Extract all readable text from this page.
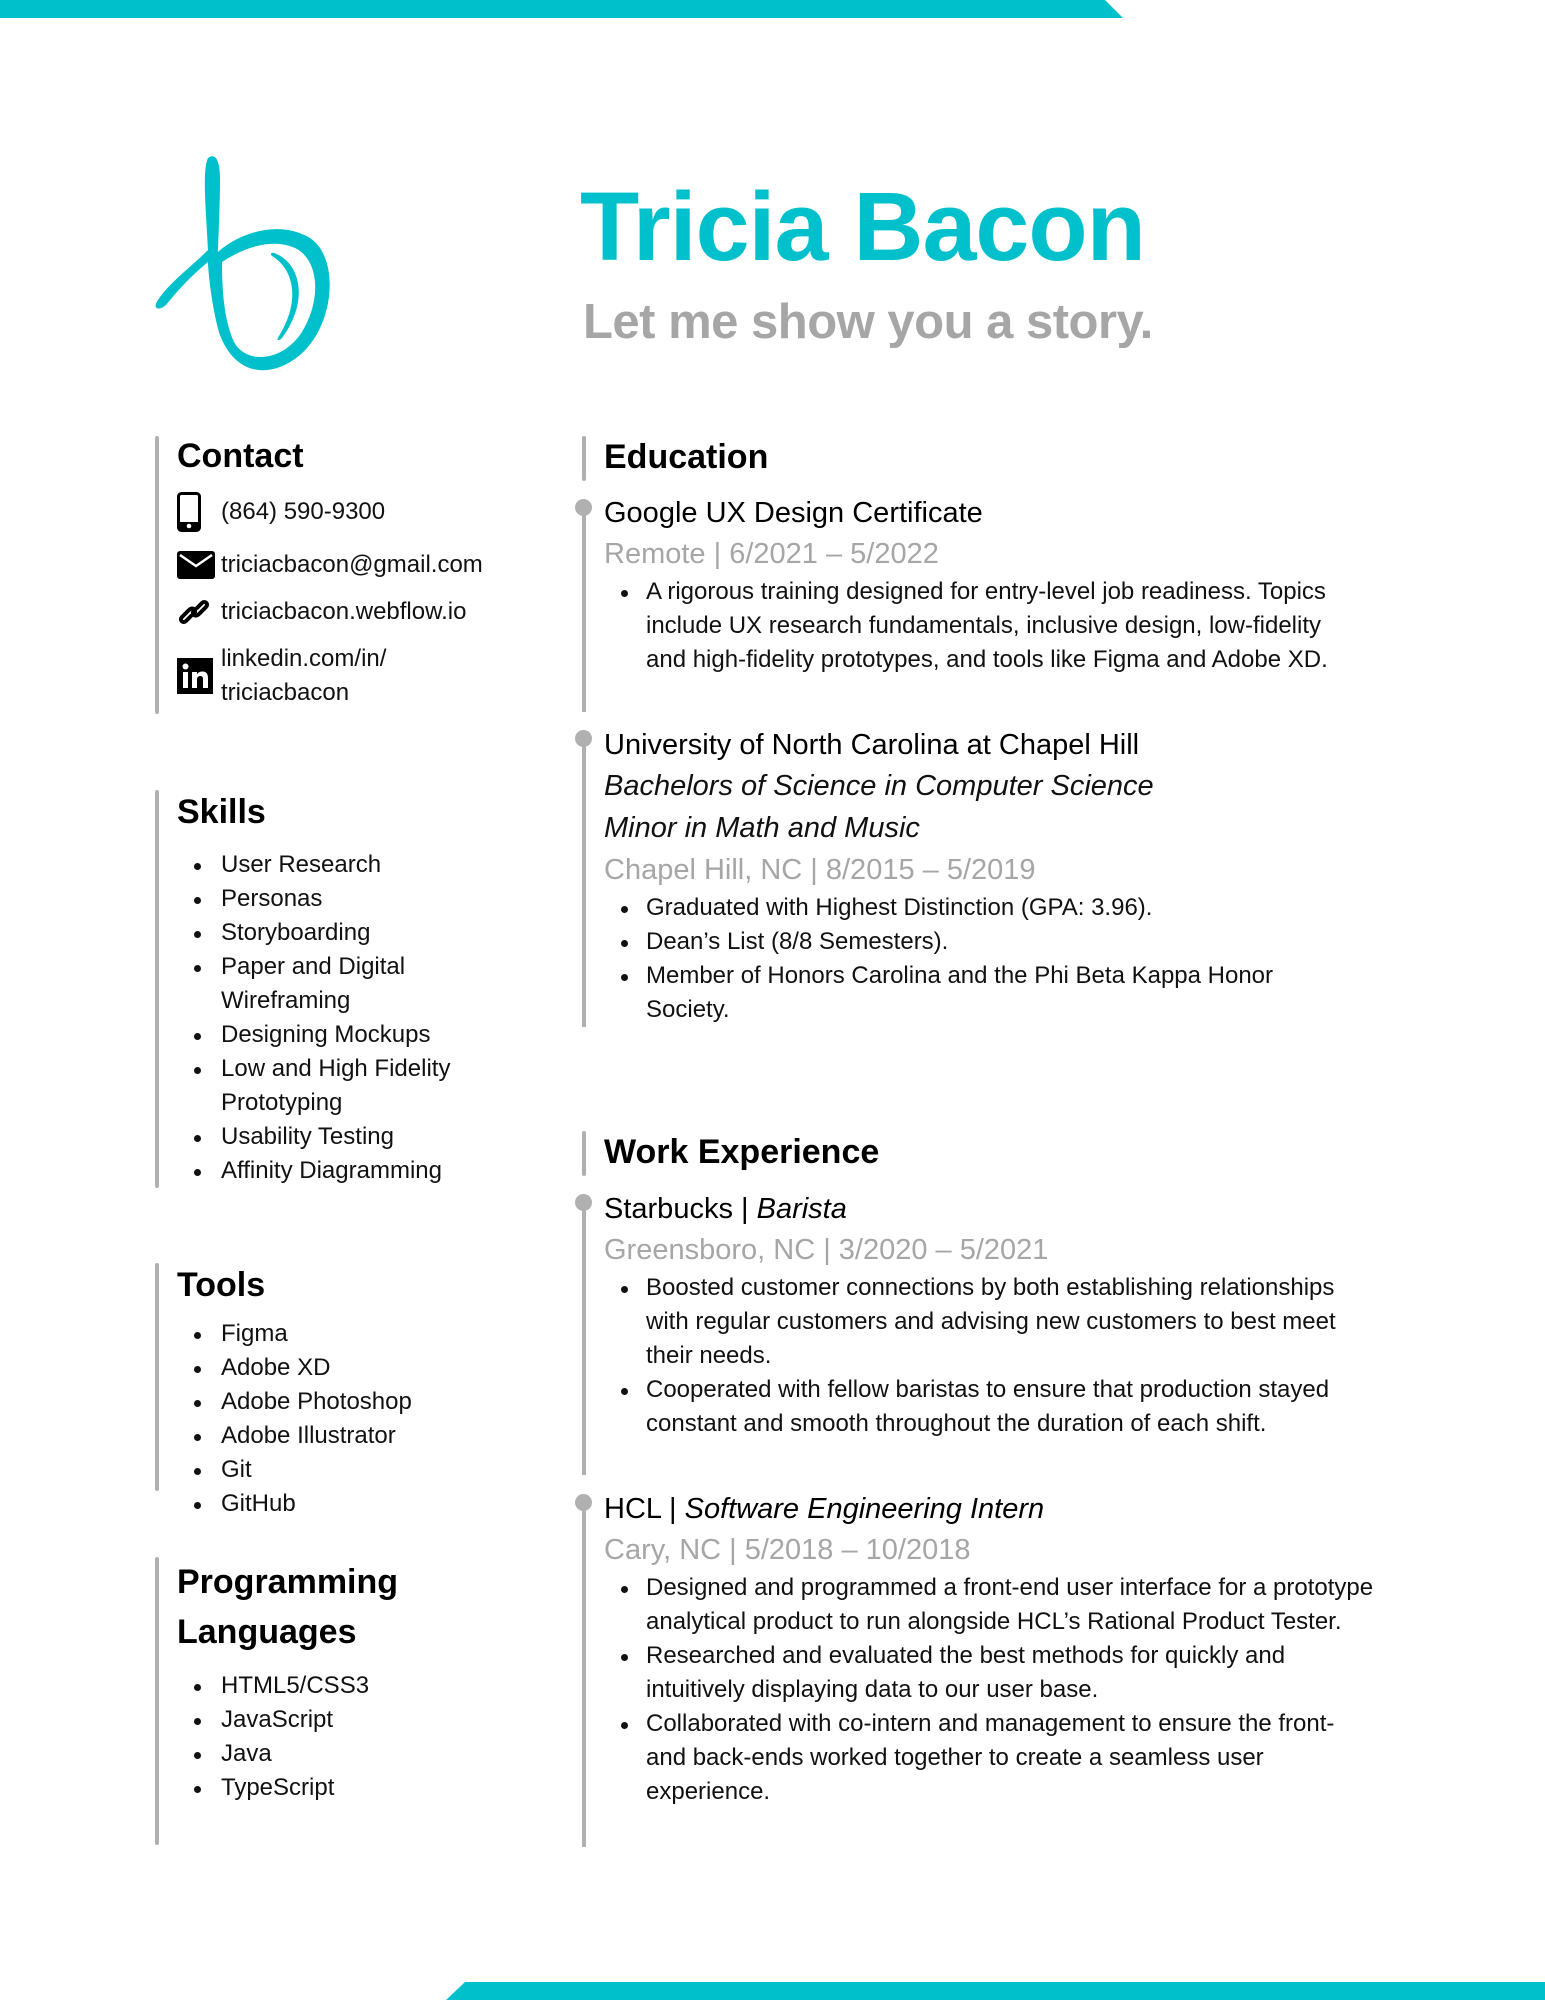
Tricia Bacon

Let me show you a story.

Contact
(864) 590-9300
triciacbacon@gmail.com
triciacbacon.webflow.io
linkedin.com/in/
triciacbacon
Skills
User Research
Personas
Storyboarding
Paper and Digital Wireframing
Designing Mockups
Low and High Fidelity Prototyping
Usability Testing
Affinity Diagramming
Tools
Figma
Adobe XD
Adobe Photoshop
Adobe Illustrator
Git
GitHub
Programming
Languages
HTML5/CSS3
JavaScript
Java
TypeScript
Education
Google UX Design Certificate
Remote | 6/2021 – 5/2022
A rigorous training designed for entry-level job readiness. Topics include UX research fundamentals, inclusive design, low-fidelity and high-fidelity prototypes, and tools like Figma and Adobe XD.
University of North Carolina at Chapel Hill
Bachelors of Science in Computer Science
Minor in Math and Music
Chapel Hill, NC | 8/2015 – 5/2019
Graduated with Highest Distinction (GPA: 3.96).
Dean’s List (8/8 Semesters).
Member of Honors Carolina and the Phi Beta Kappa Honor Society.
Work Experience
Starbucks | Barista
Greensboro, NC | 3/2020 – 5/2021
Boosted customer connections by both establishing relationships with regular customers and advising new customers to best meet their needs.
Cooperated with fellow baristas to ensure that production stayed constant and smooth throughout the duration of each shift.
HCL | Software Engineering Intern
Cary, NC | 5/2018 – 10/2018
Designed and programmed a front-end user interface for a prototype analytical product to run alongside HCL’s Rational Product Tester.
Researched and evaluated the best methods for quickly and intuitively displaying data to our user base.
Collaborated with co-intern and management to ensure the front- and back-ends worked together to create a seamless user experience.
